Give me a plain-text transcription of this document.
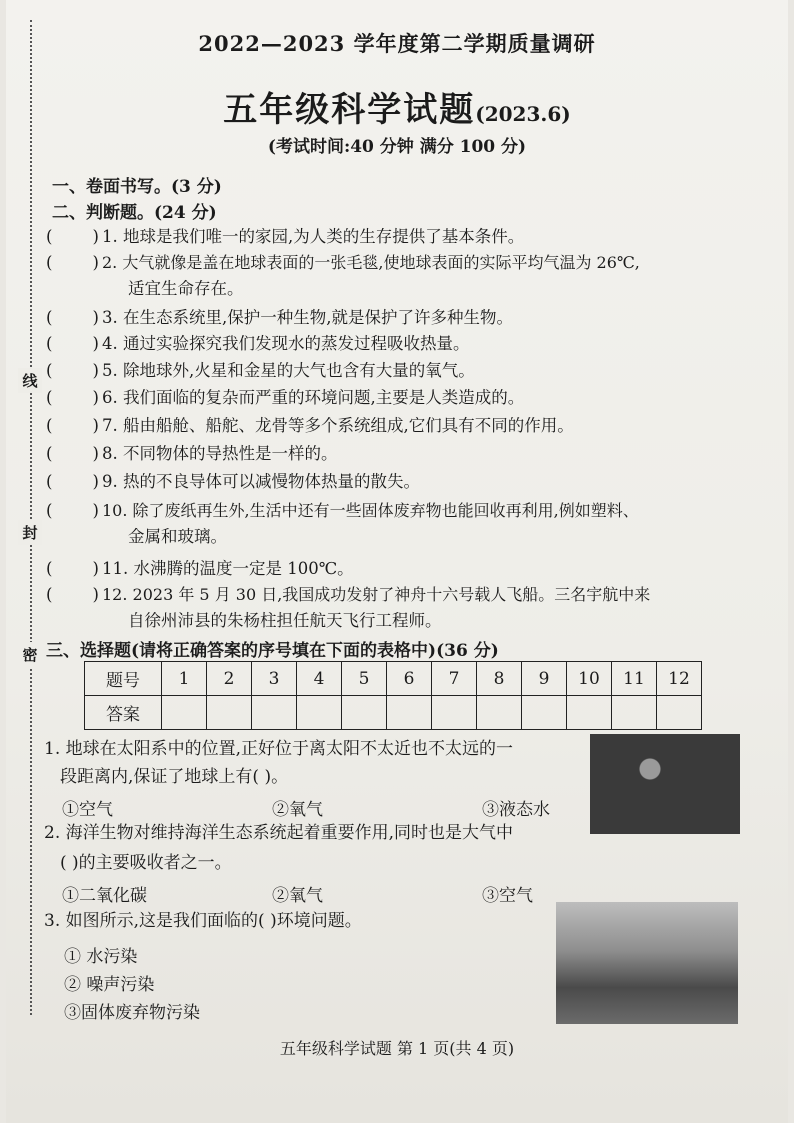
线
封
密
2022—2023 学年度第二学期质量调研
五年级科学试题(2023.6)
(考试时间:40 分钟 满分 100 分)
一、卷面书写。(3 分)
二、判断题。(24 分)
( ) 1. 地球是我们唯一的家园,为人类的生存提供了基本条件。
( ) 2. 大气就像是盖在地球表面的一张毛毯,使地球表面的实际平均气温为 26℃,
适宜生命存在。
( ) 3. 在生态系统里,保护一种生物,就是保护了许多种生物。
( ) 4. 通过实验探究我们发现水的蒸发过程吸收热量。
( ) 5. 除地球外,火星和金星的大气也含有大量的氧气。
( ) 6. 我们面临的复杂而严重的环境问题,主要是人类造成的。
( ) 7. 船由船舱、船舵、龙骨等多个系统组成,它们具有不同的作用。
( ) 8. 不同物体的导热性是一样的。
( ) 9. 热的不良导体可以减慢物体热量的散失。
( ) 10. 除了废纸再生外,生活中还有一些固体废弃物也能回收再利用,例如塑料、
金属和玻璃。
( ) 11. 水沸腾的温度一定是 100℃。
( ) 12. 2023 年 5 月 30 日,我国成功发射了神舟十六号载人飞船。三名宇航中来
自徐州沛县的朱杨柱担任航天飞行工程师。
三、选择题(请将正确答案的序号填在下面的表格中)(36 分)
题号	1	2	3	4	5	6	7	8	9	10	11	12
答案												
1. 地球在太阳系中的位置,正好位于离太阳不太近也不太远的一
段距离内,保证了地球上有( )。
①空气	②氧气	③液态水
2. 海洋生物对维持海洋生态系统起着重要作用,同时也是大气中
( )的主要吸收者之一。
①二氧化碳	②氧气	③空气
3. 如图所示,这是我们面临的( )环境问题。
① 水污染
② 噪声污染
③固体废弃物污染
五年级科学试题 第 1 页(共 4 页)
